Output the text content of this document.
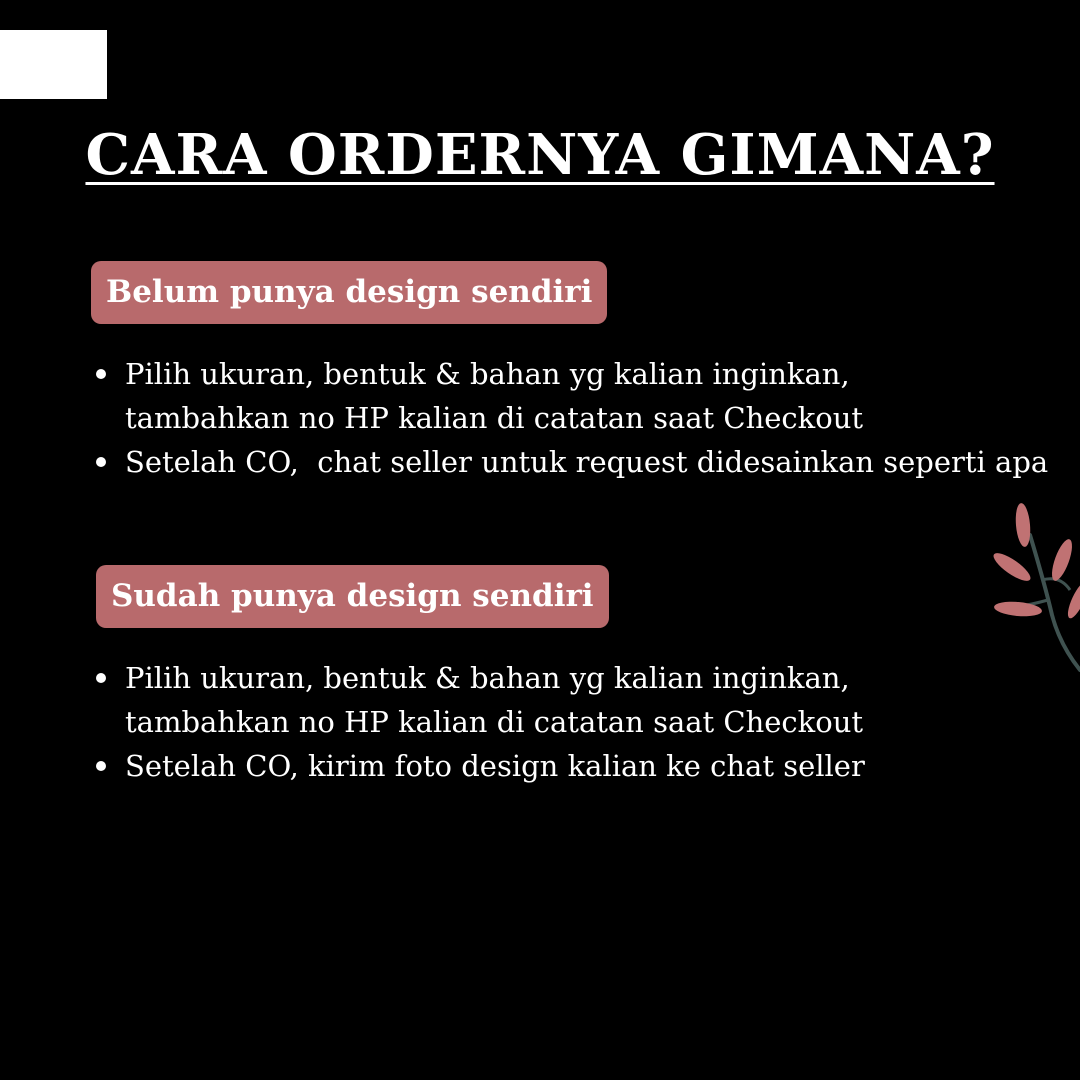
CARA ORDERNYA GIMANA?
Belum punya design sendiri
Pilih ukuran, bentuk & bahan yg kalian inginkan, tambahkan no HP kalian di catatan saat Checkout
Setelah CO,  chat seller untuk request didesainkan seperti apa
Sudah punya design sendiri
Pilih ukuran, bentuk & bahan yg kalian inginkan, tambahkan no HP kalian di catatan saat Checkout
Setelah CO, kirim foto design kalian ke chat seller
